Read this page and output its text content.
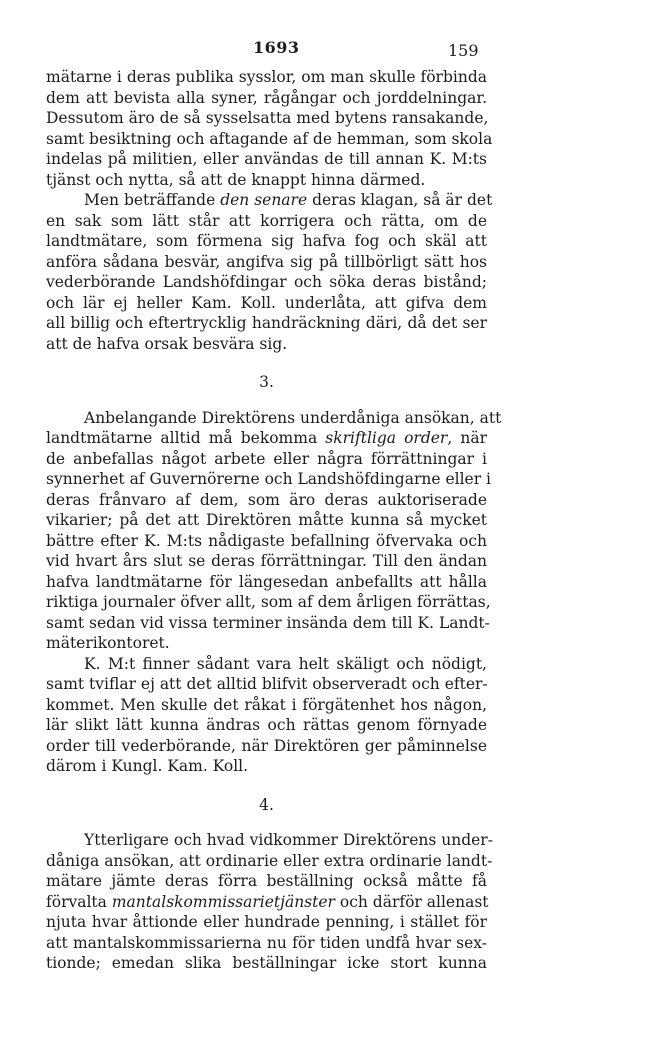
1693	159

mätarne i deras publika sysslor, om man skulle förbinda
dem att bevista alla syner, rågångar och jorddelningar.
Dessutom äro de så sysselsatta med bytens ransakande,
samt besiktning och aftagande af de hemman, som skola
indelas på militien, eller användas de till annan K. M:ts
tjänst och nytta, så att de knappt hinna därmed.

Men beträffande den senare deras klagan, så är det
en sak som lätt står att korrigera och rätta, om de
landtmätare, som förmena sig hafva fog och skäl att
anföra sådana besvär, angifva sig på tillbörligt sätt hos
vederbörande Landshöfdingar och söka deras bistånd;
och lär ej heller Kam. Koll. underlåta, att gifva dem
all billig och eftertrycklig handräckning däri, då det ser
att de hafva orsak besvära sig.

3.

Anbelangande Direktörens underdåniga ansökan, att
landtmätarne alltid må bekomma skriftliga order, när
de anbefallas något arbete eller några förrättningar i
synnerhet af Guvernörerne och Landshöfdingarne eller i
deras frånvaro af dem, som äro deras auktoriserade
vikarier; på det att Direktören måtte kunna så mycket
bättre efter K. M:ts nådigaste befallning öfvervaka och
vid hvart års slut se deras förrättningar. Till den ändan
hafva landtmätarne för längesedan anbefallts att hålla
riktiga journaler öfver allt, som af dem årligen förrättas,
samt sedan vid vissa terminer insända dem till K. Landt-
mäterikontoret.

K. M:t finner sådant vara helt skäligt och nödigt,
samt tviflar ej att det alltid blifvit observeradt och efter-
kommet. Men skulle det råkat i förgätenhet hos någon,
lär slikt lätt kunna ändras och rättas genom förnyade
order till vederbörande, när Direktören ger påminnelse
därom i Kungl. Kam. Koll.

4.

Ytterligare och hvad vidkommer Direktörens under-
dåniga ansökan, att ordinarie eller extra ordinarie landt-
mätare jämte deras förra beställning också måtte få
förvalta mantalskommissarietjänster och därför allenast
njuta hvar åttionde eller hundrade penning, i stället för
att mantalskommissarierna nu för tiden undfå hvar sex-
tionde; emedan slika beställningar icke stort kunna
